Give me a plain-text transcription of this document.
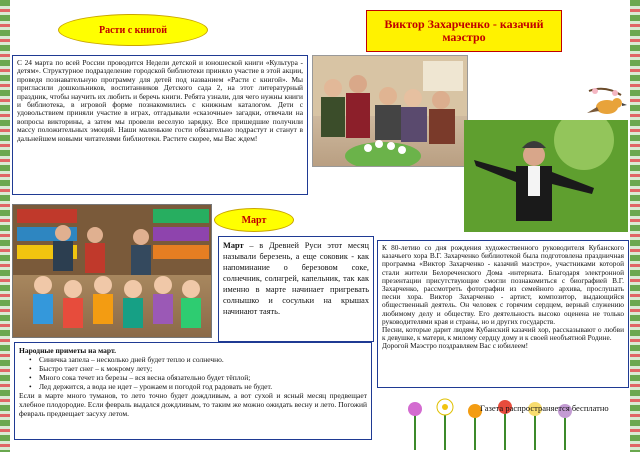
Расти с книгой	Виктор Захарченко - казачий маэстро
С 24 марта по всей России проводится Недели детской и юношеской книги «Культура - детям». Структурное подразделение городской библиотеки приняло участие в этой акции, проведя познавательную программу для детей под названием «Расти с книгой». Мы пригласили дошкольников, воспитанников Детского сада 2, на этот литературный праздник, чтобы научить их любить и беречь книги. Ребята узнали, для чего нужны книги и библиотека, в игровой форме познакомились с книжным каталогом. Дети с удовольствием приняли участие в играх, отгадывали «сказочные» загадки, отвечали на вопросы викторины, а затем мы провели веселую зарядку. Все пришедшие получили массу положительных эмоций. Наши маленькие гости обязательно подрастут и станут в дальнейшем новыми читателями библиотеки. Растите скорее, мы Вас ждем!
Март
Март – в Древней Руси этот месяц называли березень, а еще соковик - как напоминание о березовом соке, солнечник, солнгрей, капельник, так как именно в марте начинает пригревать солнышко и сосульки на крышах начинают таять.
К 80-летию со дня рождения художественного руководителя Кубанского казачьего хора В.Г. Захарченко библиотекой была подготовлена праздничная программа «Виктор Захарченко - казачий маэстро», участниками которой стали жители Белореченского Дома -интерната. Благодаря электронной презентации присутствующие смогли познакомиться с биографией В.Г. Захарченко, рассмотреть фотографии из семейного архива, прослушать песни хора. Виктор Захарченко - артист, композитор, выдающийся общественный деятель. Он человек с горячим сердцем, верный служению любимому делу и обществу. Его деятельность высоко оценена не только руководителями края и страны, но и других государств.
Песни, которые дарит людям Кубанский казачий хор, рассказывают о любви к девушке, к матери, к милому сердцу дому и к своей необъятной Родине.
Дорогой Маэстро поздравляем Вас с юбилеем!
Народные приметы на март.
• Синичка запела – несколько дней будет тепло и солнечно.
• Быстро тает снег – к мокрому лету;
• Много сока течет из березы – вся весна обязательно будет тёплой;
• Лед держится, а вода не идет – урожаем и погодой год радовать не будет.
Если в марте много туманов, то лето точно будет дождливым, а вот сухой и ясный месяц предвещает хлебное плодородие. Если февраль выдался дождливым, то таким же можно ожидать весну и лето. Погожий февраль предвещает засуху летом.
Газета распространяется бесплатно
